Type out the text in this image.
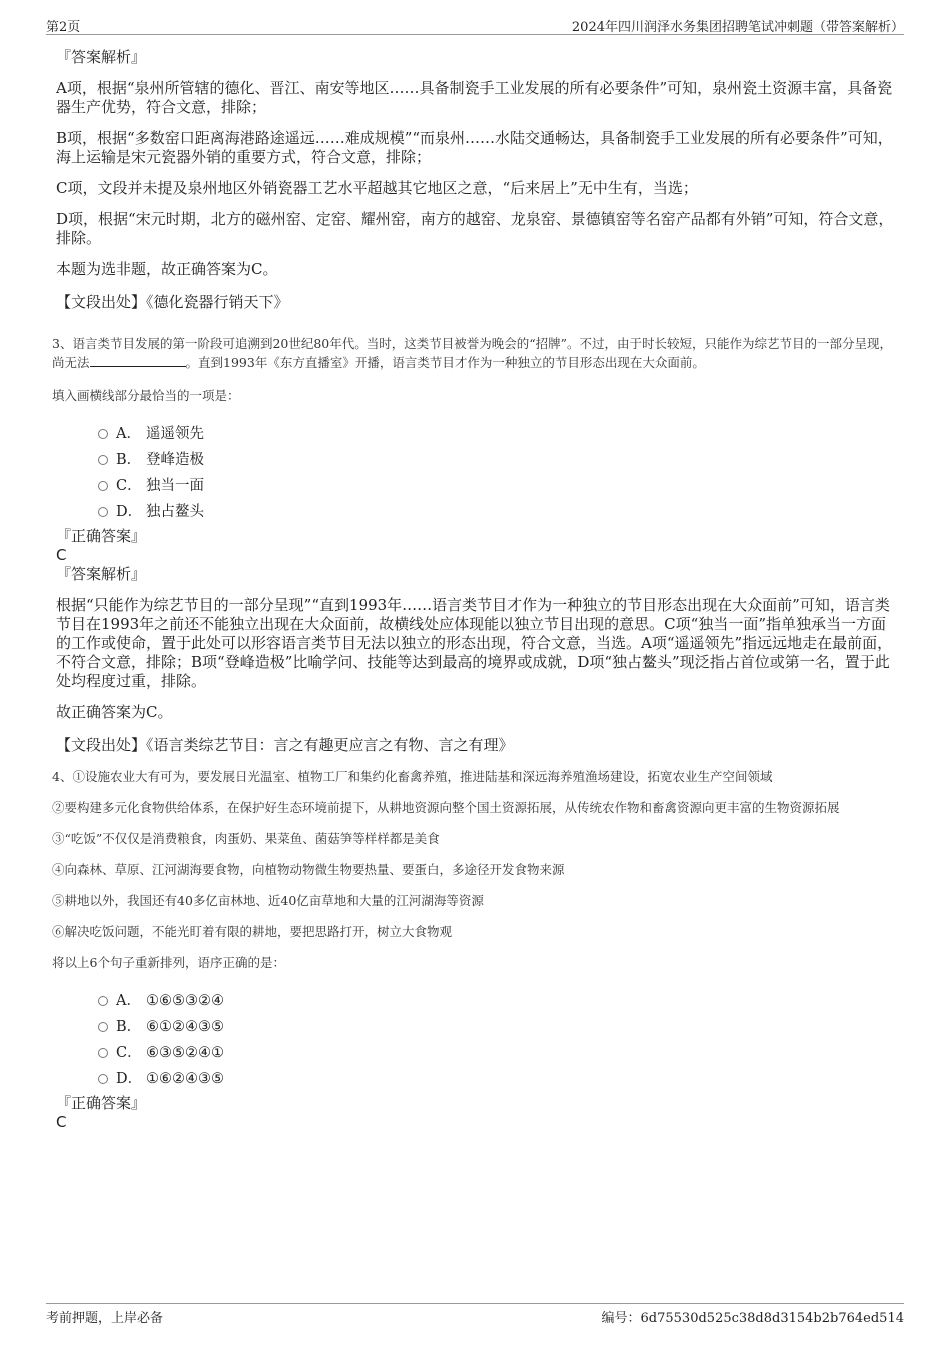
第2页	2024年四川润泽水务集团招聘笔试冲刺题（带答案解析）

『答案解析』

A项，根据“泉州所管辖的德化、晋江、南安等地区……具备制瓷手工业发展的所有必要条件”可知，泉州瓷土资源丰富，具备瓷器生产优势，符合文意，排除；

B项，根据“多数窑口距离海港路途遥远……难成规模”“而泉州……水陆交通畅达，具备制瓷手工业发展的所有必要条件”可知，海上运输是宋元瓷器外销的重要方式，符合文意，排除；

C项，文段并未提及泉州地区外销瓷器工艺水平超越其它地区之意，“后来居上”无中生有，当选；

D项，根据“宋元时期，北方的磁州窑、定窑、耀州窑，南方的越窑、龙泉窑、景德镇窑等名窑产品都有外销”可知，符合文意，排除。

本题为选非题，故正确答案为C。

【文段出处】《德化瓷器行销天下》

3、语言类节目发展的第一阶段可追溯到20世纪80年代。当时，这类节目被誉为晚会的“招牌”。不过，由于时长较短，只能作为综艺节目的一部分呈现，尚无法	。直到1993年《东方直播室》开播，语言类节目才作为一种独立的节目形态出现在大众面前。

填入画横线部分最恰当的一项是：

A． 遥遥领先
B． 登峰造极
C． 独当一面
D． 独占鳌头

『正确答案』

C

『答案解析』

根据“只能作为综艺节目的一部分呈现”“直到1993年……语言类节目才作为一种独立的节目形态出现在大众面前”可知，语言类节目在1993年之前还不能独立出现在大众面前，故横线处应体现能以独立节目出现的意思。C项“独当一面”指单独承当一方面的工作或使命，置于此处可以形容语言类节目无法以独立的形态出现，符合文意，当选。A项“遥遥领先”指远远地走在最前面，不符合文意，排除；B项“登峰造极”比喻学问、技能等达到最高的境界或成就，D项“独占鳌头”现泛指占首位或第一名，置于此处均程度过重，排除。

故正确答案为C。

【文段出处】《语言类综艺节目：言之有趣更应言之有物、言之有理》

4、①设施农业大有可为，要发展日光温室、植物工厂和集约化畜禽养殖，推进陆基和深远海养殖渔场建设，拓宽农业生产空间领域

②要构建多元化食物供给体系，在保护好生态环境前提下，从耕地资源向整个国土资源拓展，从传统农作物和畜禽资源向更丰富的生物资源拓展

③“吃饭”不仅仅是消费粮食，肉蛋奶、果菜鱼、菌菇笋等样样都是美食

④向森林、草原、江河湖海要食物，向植物动物微生物要热量、要蛋白，多途径开发食物来源

⑤耕地以外，我国还有40多亿亩林地、近40亿亩草地和大量的江河湖海等资源

⑥解决吃饭问题，不能光盯着有限的耕地，要把思路打开，树立大食物观

将以上6个句子重新排列，语序正确的是：

A． ①⑥⑤③②④
B． ⑥①②④③⑤
C． ⑥③⑤②④①
D． ①⑥②④③⑤

『正确答案』

C

考前押题，上岸必备	编号：6d75530d525c38d8d3154b2b764ed514
